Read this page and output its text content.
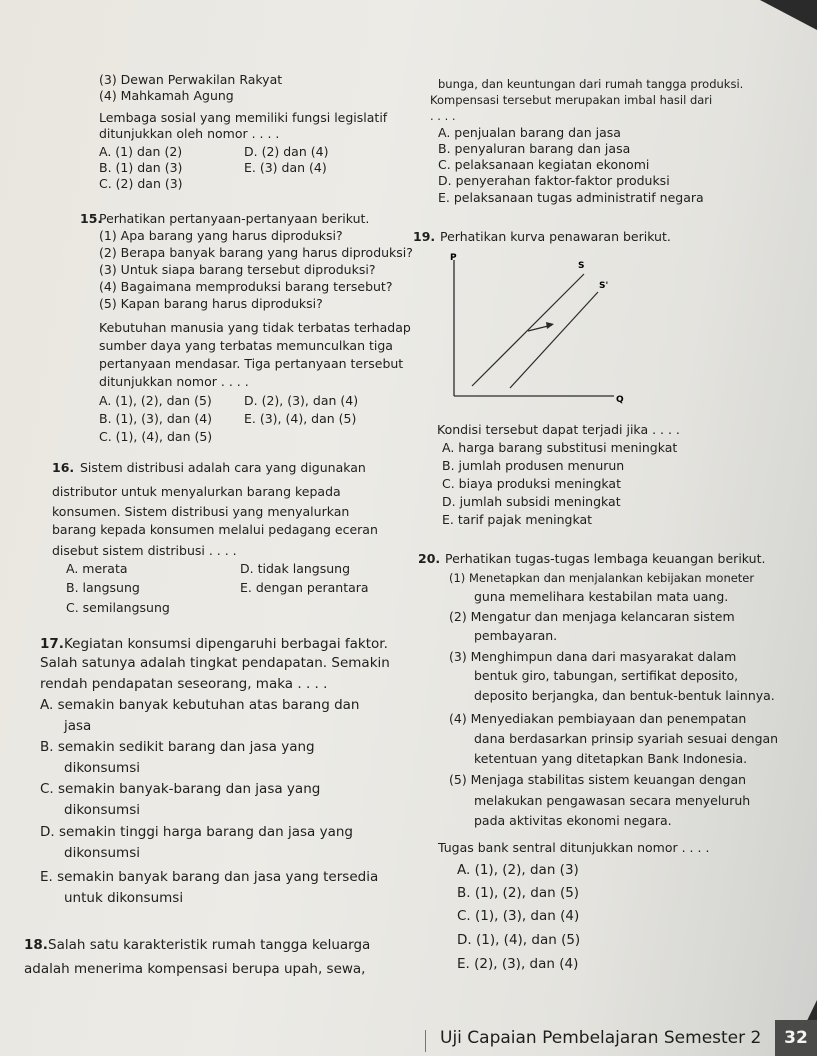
(3) Dewan Perwakilan Rakyat
(4) Mahkamah Agung
Lembaga sosial yang memiliki fungsi legislatif
ditunjukkan oleh nomor . . . .
A. (1) dan (2)	D. (2) dan (4)
B. (1) dan (3)	E. (3) dan (4)
C. (2) dan (3)
15.
Perhatikan pertanyaan-pertanyaan berikut.
(1) Apa barang yang harus diproduksi?
(2) Berapa banyak barang yang harus diproduksi?
(3) Untuk siapa barang tersebut diproduksi?
(4) Bagaimana memproduksi barang tersebut?
(5) Kapan barang harus diproduksi?
Kebutuhan manusia yang tidak terbatas terhadap
sumber daya yang terbatas memunculkan tiga
pertanyaan mendasar. Tiga pertanyaan tersebut
ditunjukkan nomor . . . .
A. (1), (2), dan (5)	D. (2), (3), dan (4)
B. (1), (3), dan (4)	E. (3), (4), dan (5)
C. (1), (4), dan (5)
16. Sistem distribusi adalah cara yang digunakan
distributor untuk menyalurkan barang kepada
konsumen. Sistem distribusi yang menyalurkan
barang kepada konsumen melalui pedagang eceran
disebut sistem distribusi . . . .
A. merata	D. tidak langsung
B. langsung	E. dengan perantara
C. semilangsung
17. Kegiatan konsumsi dipengaruhi berbagai faktor.
Salah satunya adalah tingkat pendapatan. Semakin
rendah pendapatan seseorang, maka . . . .
A. semakin banyak kebutuhan atas barang dan
jasa
B. semakin sedikit barang dan jasa yang
dikonsumsi
C. semakin banyak-barang dan jasa yang
dikonsumsi
D. semakin tinggi harga barang dan jasa yang
dikonsumsi
E. semakin banyak barang dan jasa yang tersedia
untuk dikonsumsi
18. Salah satu karakteristik rumah tangga keluarga
adalah menerima kompensasi berupa upah, sewa,
bunga, dan keuntungan dari rumah tangga produksi.
Kompensasi tersebut merupakan imbal hasil dari
. . . .
A. penjualan barang dan jasa
B. penyaluran barang dan jasa
C. pelaksanaan kegiatan ekonomi
D. penyerahan faktor-faktor produksi
E. pelaksanaan tugas administratif negara
19. Perhatikan kurva penawaran berikut.
P
Q
S
S'
Kondisi tersebut dapat terjadi jika . . . .
A. harga barang substitusi meningkat
B. jumlah produsen menurun
C. biaya produksi meningkat
D. jumlah subsidi meningkat
E. tarif pajak meningkat
20. Perhatikan tugas-tugas lembaga keuangan berikut.
(1) Menetapkan dan menjalankan kebijakan moneter
guna memelihara kestabilan mata uang.
(2) Mengatur dan menjaga kelancaran sistem
pembayaran.
(3) Menghimpun dana dari masyarakat dalam
bentuk giro, tabungan, sertifikat deposito,
deposito berjangka, dan bentuk-bentuk lainnya.
(4) Menyediakan pembiayaan dan penempatan
dana berdasarkan prinsip syariah sesuai dengan
ketentuan yang ditetapkan Bank Indonesia.
(5) Menjaga stabilitas sistem keuangan dengan
melakukan pengawasan secara menyeluruh
pada aktivitas ekonomi negara.
Tugas bank sentral ditunjukkan nomor . . . .
A. (1), (2), dan (3)
B. (1), (2), dan (5)
C. (1), (3), dan (4)
D. (1), (4), dan (5)
E. (2), (3), dan (4)
Uji Capaian Pembelajaran Semester 2	32
